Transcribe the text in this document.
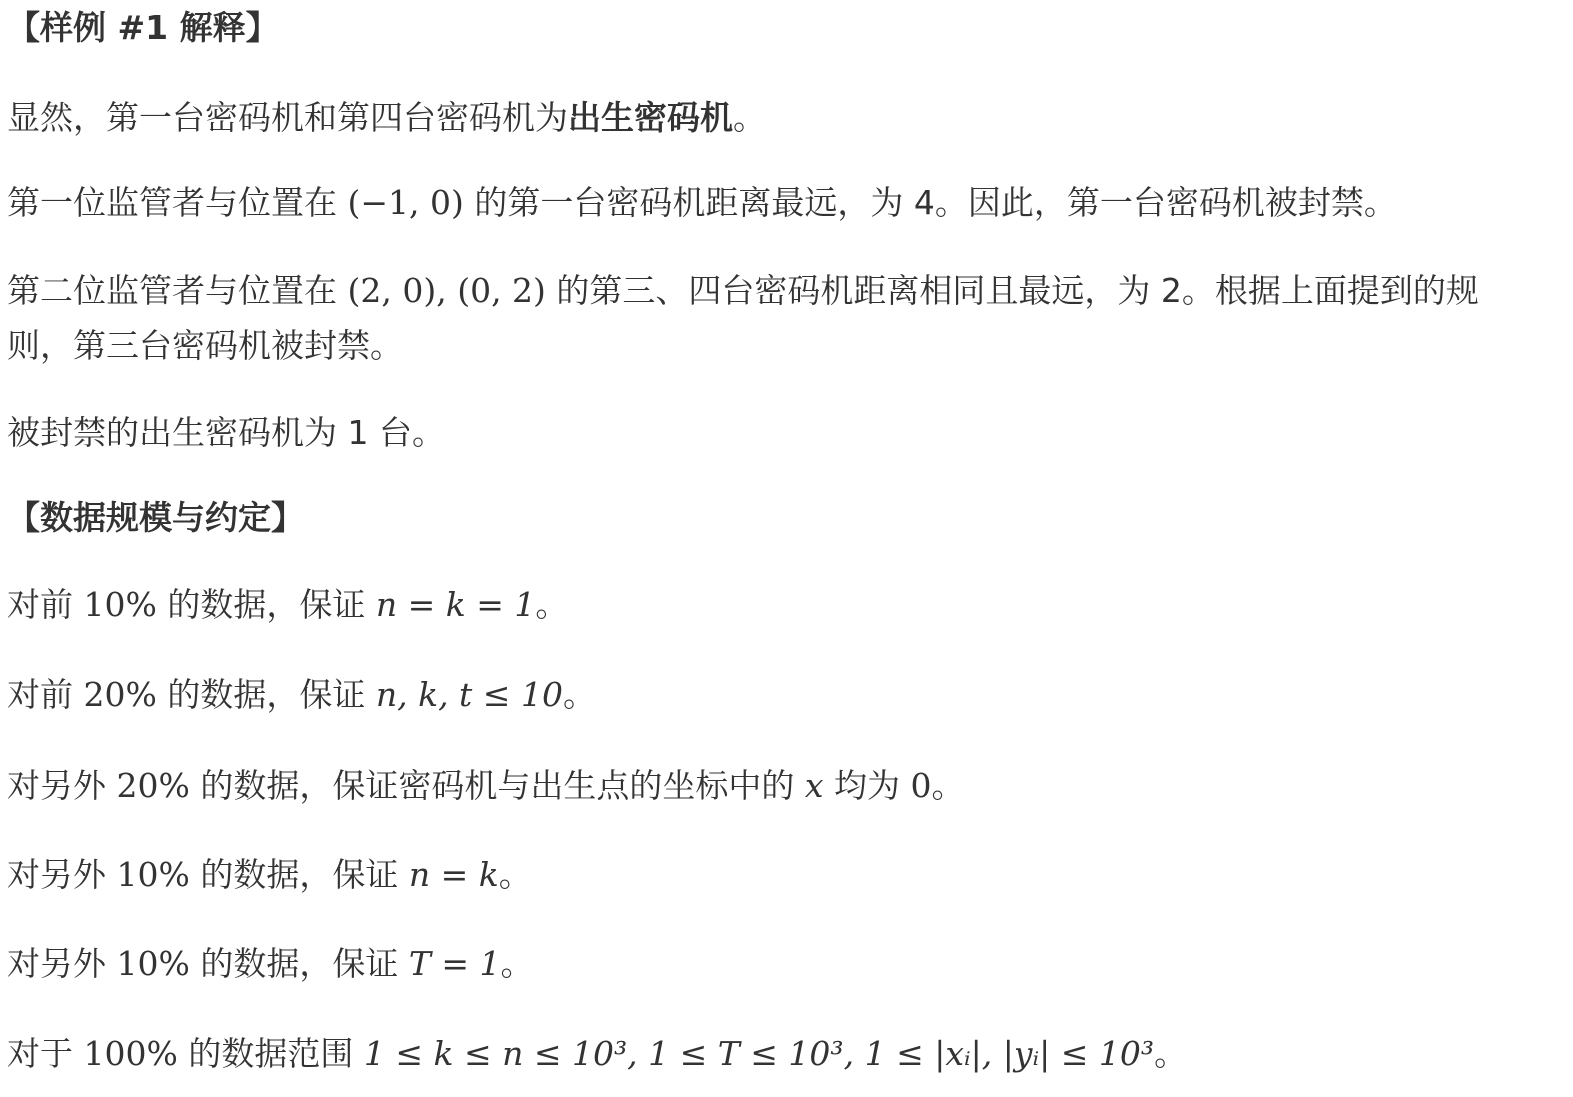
【样例 #1 解释】
显然，第一台密码机和第四台密码机为出生密码机。
第一位监管者与位置在 (−1, 0) 的第一台密码机距离最远，为 4。因此，第一台密码机被封禁。
第二位监管者与位置在 (2, 0), (0, 2) 的第三、四台密码机距离相同且最远，为 2。根据上面提到的规
则，第三台密码机被封禁。
被封禁的出生密码机为 1 台。
【数据规模与约定】
对前 10% 的数据，保证 n = k = 1。
对前 20% 的数据，保证 n, k, t ≤ 10。
对另外 20% 的数据，保证密码机与出生点的坐标中的 x 均为 0。
对另外 10% 的数据，保证 n = k。
对另外 10% 的数据，保证 T = 1。
对于 100% 的数据范围 1 ≤ k ≤ n ≤ 10³, 1 ≤ T ≤ 10³, 1 ≤ |xᵢ|, |yᵢ| ≤ 10³。
